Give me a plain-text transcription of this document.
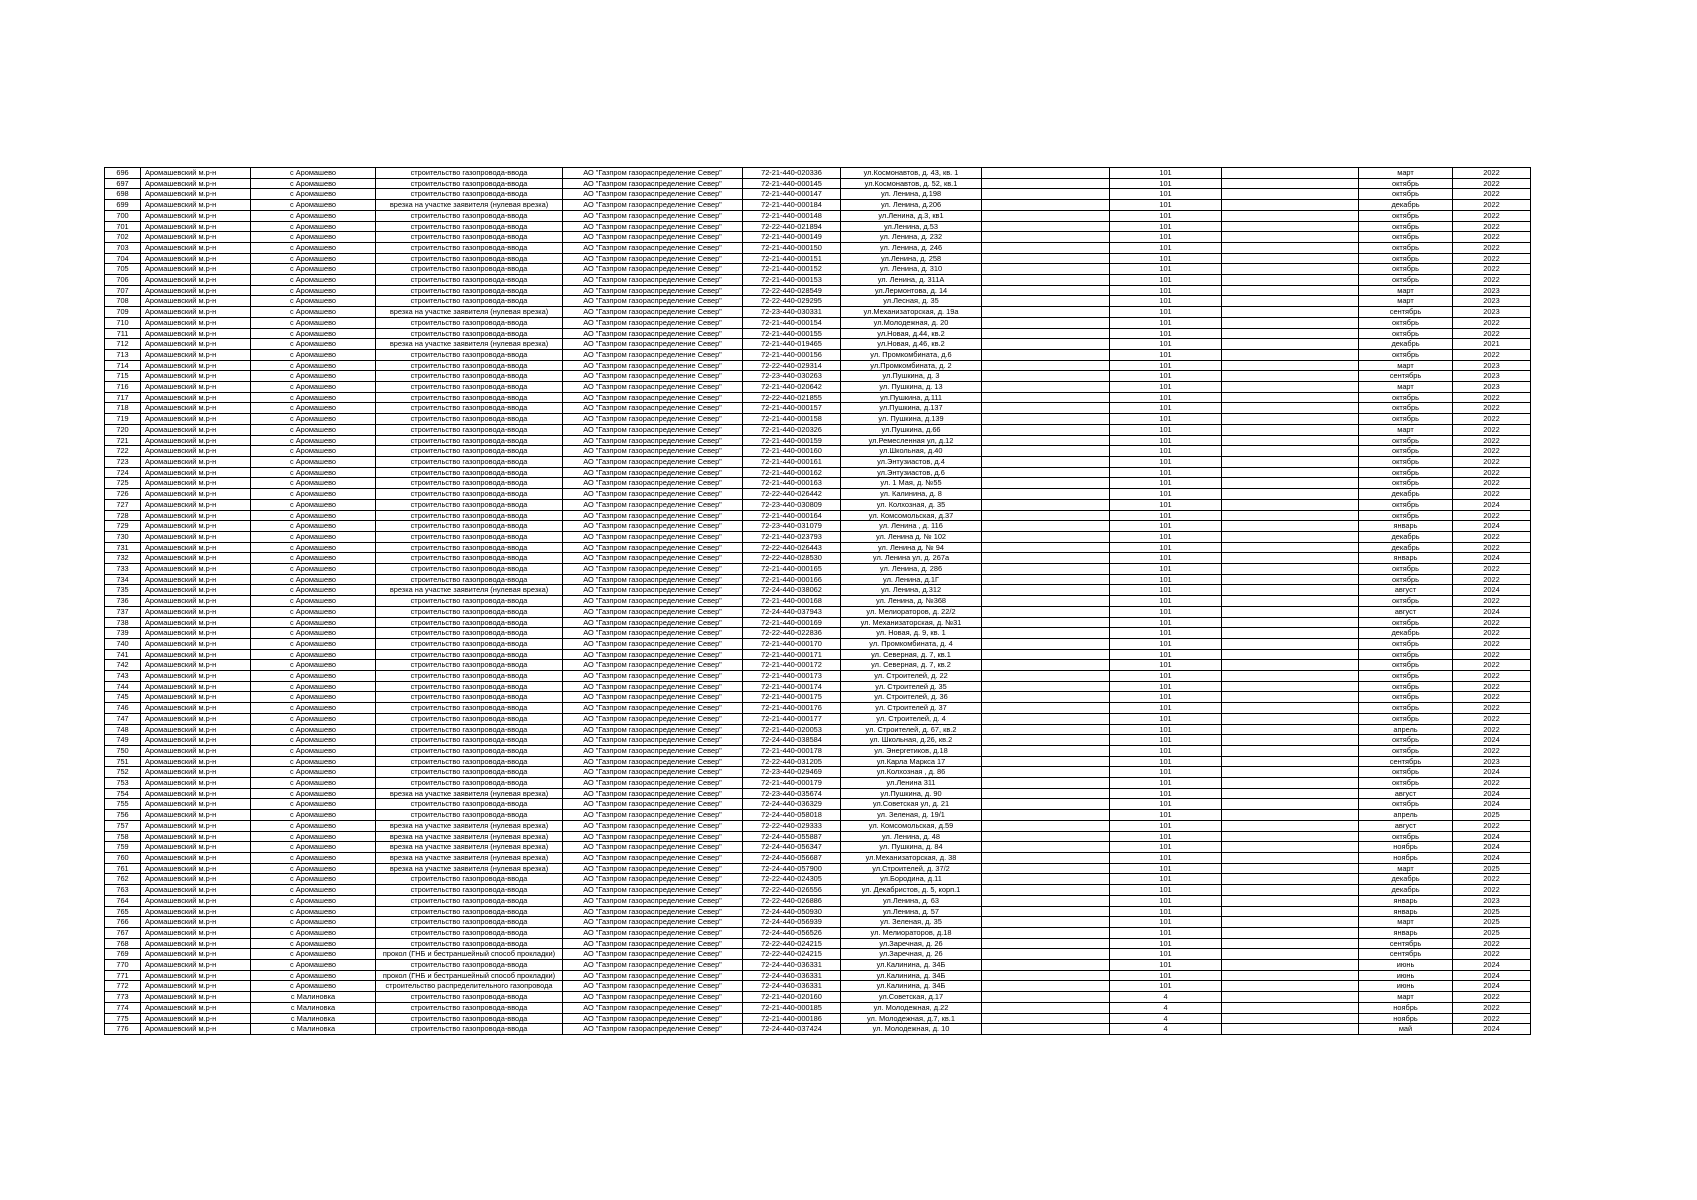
696	Аромашевский м.р-н	с Аромашево	строительство газопровода-ввода	АО "Газпром газораспределение Север"	72-21-440-020336	ул.Космонавтов, д. 43, кв. 1		101		март	2022
697	Аромашевский м.р-н	с Аромашево	строительство газопровода-ввода	АО "Газпром газораспределение Север"	72-21-440-000145	ул.Космонавтов, д. 52, кв.1		101		октябрь	2022
698	Аромашевский м.р-н	с Аромашево	строительство газопровода-ввода	АО "Газпром газораспределение Север"	72-21-440-000147	ул. Ленина, д.198		101		октябрь	2022
699	Аромашевский м.р-н	с Аромашево	врезка на участке заявителя (нулевая врезка)	АО "Газпром газораспределение Север"	72-21-440-000184	ул. Ленина, д.206		101		декабрь	2022
700	Аромашевский м.р-н	с Аромашево	строительство газопровода-ввода	АО "Газпром газораспределение Север"	72-21-440-000148	ул.Ленина, д.3, кв1		101		октябрь	2022
701	Аромашевский м.р-н	с Аромашево	строительство газопровода-ввода	АО "Газпром газораспределение Север"	72-22-440-021894	ул.Ленина, д.53		101		октябрь	2022
702	Аромашевский м.р-н	с Аромашево	строительство газопровода-ввода	АО "Газпром газораспределение Север"	72-21-440-000149	ул. Ленина, д. 232		101		октябрь	2022
703	Аромашевский м.р-н	с Аромашево	строительство газопровода-ввода	АО "Газпром газораспределение Север"	72-21-440-000150	ул. Ленина, д. 246		101		октябрь	2022
704	Аромашевский м.р-н	с Аромашево	строительство газопровода-ввода	АО "Газпром газораспределение Север"	72-21-440-000151	ул.Ленина, д. 258		101		октябрь	2022
705	Аромашевский м.р-н	с Аромашево	строительство газопровода-ввода	АО "Газпром газораспределение Север"	72-21-440-000152	ул. Ленина, д. 310		101		октябрь	2022
706	Аромашевский м.р-н	с Аромашево	строительство газопровода-ввода	АО "Газпром газораспределение Север"	72-21-440-000153	ул. Ленина, д. 311А		101		октябрь	2022
707	Аромашевский м.р-н	с Аромашево	строительство газопровода-ввода	АО "Газпром газораспределение Север"	72-22-440-028549	ул.Лермонтова, д. 14		101		март	2023
708	Аромашевский м.р-н	с Аромашево	строительство газопровода-ввода	АО "Газпром газораспределение Север"	72-22-440-029295	ул.Лесная, д. 35		101		март	2023
709	Аромашевский м.р-н	с Аромашево	врезка на участке заявителя (нулевая врезка)	АО "Газпром газораспределение Север"	72-23-440-030331	ул.Механизаторская, д. 19а		101		сентябрь	2023
710	Аромашевский м.р-н	с Аромашево	строительство газопровода-ввода	АО "Газпром газораспределение Север"	72-21-440-000154	ул.Молодежная, д. 20		101		октябрь	2022
711	Аромашевский м.р-н	с Аромашево	строительство газопровода-ввода	АО "Газпром газораспределение Север"	72-21-440-000155	ул.Новая, д.44, кв.2		101		октябрь	2022
712	Аромашевский м.р-н	с Аромашево	врезка на участке заявителя (нулевая врезка)	АО "Газпром газораспределение Север"	72-21-440-019465	ул.Новая, д.46, кв.2		101		декабрь	2021
713	Аромашевский м.р-н	с Аромашево	строительство газопровода-ввода	АО "Газпром газораспределение Север"	72-21-440-000156	ул. Промкомбината, д.6		101		октябрь	2022
714	Аромашевский м.р-н	с Аромашево	строительство газопровода-ввода	АО "Газпром газораспределение Север"	72-22-440-029314	ул.Промкомбината, д. 2		101		март	2023
715	Аромашевский м.р-н	с Аромашево	строительство газопровода-ввода	АО "Газпром газораспределение Север"	72-23-440-030263	ул.Пушкина, д. 3		101		сентябрь	2023
716	Аромашевский м.р-н	с Аромашево	строительство газопровода-ввода	АО "Газпром газораспределение Север"	72-21-440-020642	ул. Пушкина, д. 13		101		март	2023
717	Аромашевский м.р-н	с Аромашево	строительство газопровода-ввода	АО "Газпром газораспределение Север"	72-22-440-021855	ул.Пушкина, д.111		101		октябрь	2022
718	Аромашевский м.р-н	с Аромашево	строительство газопровода-ввода	АО "Газпром газораспределение Север"	72-21-440-000157	ул.Пушкина, д.137		101		октябрь	2022
719	Аромашевский м.р-н	с Аромашево	строительство газопровода-ввода	АО "Газпром газораспределение Север"	72-21-440-000158	ул. Пушкина, д.139		101		октябрь	2022
720	Аромашевский м.р-н	с Аромашево	строительство газопровода-ввода	АО "Газпром газораспределение Север"	72-21-440-020326	ул.Пушкина, д.66		101		март	2022
721	Аромашевский м.р-н	с Аромашево	строительство газопровода-ввода	АО "Газпром газораспределение Север"	72-21-440-000159	ул.Ремесленная ул, д.12		101		октябрь	2022
722	Аромашевский м.р-н	с Аромашево	строительство газопровода-ввода	АО "Газпром газораспределение Север"	72-21-440-000160	ул.Школьная, д.40		101		октябрь	2022
723	Аромашевский м.р-н	с Аромашево	строительство газопровода-ввода	АО "Газпром газораспределение Север"	72-21-440-000161	ул.Энтузиастов, д.4		101		октябрь	2022
724	Аромашевский м.р-н	с Аромашево	строительство газопровода-ввода	АО "Газпром газораспределение Север"	72-21-440-000162	ул.Энтузиастов, д.6		101		октябрь	2022
725	Аромашевский м.р-н	с Аромашево	строительство газопровода-ввода	АО "Газпром газораспределение Север"	72-21-440-000163	ул. 1 Мая, д. №55		101		октябрь	2022
726	Аромашевский м.р-н	с Аромашево	строительство газопровода-ввода	АО "Газпром газораспределение Север"	72-22-440-026442	ул. Калинина, д. 8		101		декабрь	2022
727	Аромашевский м.р-н	с Аромашево	строительство газопровода-ввода	АО "Газпром газораспределение Север"	72-23-440-030809	ул. Колхозная, д. 35		101		октябрь	2024
728	Аромашевский м.р-н	с Аромашево	строительство газопровода-ввода	АО "Газпром газораспределение Север"	72-21-440-000164	ул. Комсомольская, д.37		101		октябрь	2022
729	Аромашевский м.р-н	с Аромашево	строительство газопровода-ввода	АО "Газпром газораспределение Север"	72-23-440-031079	ул. Ленина , д. 116		101		январь	2024
730	Аромашевский м.р-н	с Аромашево	строительство газопровода-ввода	АО "Газпром газораспределение Север"	72-21-440-023793	ул. Ленина д. № 102		101		декабрь	2022
731	Аромашевский м.р-н	с Аромашево	строительство газопровода-ввода	АО "Газпром газораспределение Север"	72-22-440-026443	ул. Ленина д. № 94		101		декабрь	2022
732	Аромашевский м.р-н	с Аромашево	строительство газопровода-ввода	АО "Газпром газораспределение Север"	72-22-440-028530	ул. Ленина ул, д. 267а		101		январь	2024
733	Аромашевский м.р-н	с Аромашево	строительство газопровода-ввода	АО "Газпром газораспределение Север"	72-21-440-000165	ул. Ленина, д. 286		101		октябрь	2022
734	Аромашевский м.р-н	с Аромашево	строительство газопровода-ввода	АО "Газпром газораспределение Север"	72-21-440-000166	ул. Ленина, д.1Г		101		октябрь	2022
735	Аромашевский м.р-н	с Аромашево	врезка на участке заявителя (нулевая врезка)	АО "Газпром газораспределение Север"	72-24-440-038062	ул. Ленина, д.312		101		август	2024
736	Аромашевский м.р-н	с Аромашево	строительство газопровода-ввода	АО "Газпром газораспределение Север"	72-21-440-000168	ул. Ленина, д. №368		101		октябрь	2022
737	Аромашевский м.р-н	с Аромашево	строительство газопровода-ввода	АО "Газпром газораспределение Север"	72-24-440-037943	ул. Мелиораторов, д. 22/2		101		август	2024
738	Аромашевский м.р-н	с Аромашево	строительство газопровода-ввода	АО "Газпром газораспределение Север"	72-21-440-000169	ул. Механизаторская, д. №31		101		октябрь	2022
739	Аромашевский м.р-н	с Аромашево	строительство газопровода-ввода	АО "Газпром газораспределение Север"	72-22-440-022836	ул. Новая, д. 9, кв. 1		101		декабрь	2022
740	Аромашевский м.р-н	с Аромашево	строительство газопровода-ввода	АО "Газпром газораспределение Север"	72-21-440-000170	ул. Промкомбината, д. 4		101		октябрь	2022
741	Аромашевский м.р-н	с Аромашево	строительство газопровода-ввода	АО "Газпром газораспределение Север"	72-21-440-000171	ул. Северная, д. 7, кв.1		101		октябрь	2022
742	Аромашевский м.р-н	с Аромашево	строительство газопровода-ввода	АО "Газпром газораспределение Север"	72-21-440-000172	ул. Северная, д. 7, кв.2		101		октябрь	2022
743	Аромашевский м.р-н	с Аромашево	строительство газопровода-ввода	АО "Газпром газораспределение Север"	72-21-440-000173	ул. Строителей, д. 22		101		октябрь	2022
744	Аромашевский м.р-н	с Аромашево	строительство газопровода-ввода	АО "Газпром газораспределение Север"	72-21-440-000174	ул. Строителей д. 35		101		октябрь	2022
745	Аромашевский м.р-н	с Аромашево	строительство газопровода-ввода	АО "Газпром газораспределение Север"	72-21-440-000175	ул. Строителей, д. 36		101		октябрь	2022
746	Аромашевский м.р-н	с Аромашево	строительство газопровода-ввода	АО "Газпром газораспределение Север"	72-21-440-000176	ул. Строителей д. 37		101		октябрь	2022
747	Аромашевский м.р-н	с Аромашево	строительство газопровода-ввода	АО "Газпром газораспределение Север"	72-21-440-000177	ул. Строителей, д. 4		101		октябрь	2022
748	Аромашевский м.р-н	с Аромашево	строительство газопровода-ввода	АО "Газпром газораспределение Север"	72-21-440-020053	ул. Строителей, д. 67, кв.2		101		апрель	2022
749	Аромашевский м.р-н	с Аромашево	строительство газопровода-ввода	АО "Газпром газораспределение Север"	72-24-440-038584	ул. Школьная, д.26, кв.2		101		октябрь	2024
750	Аромашевский м.р-н	с Аромашево	строительство газопровода-ввода	АО "Газпром газораспределение Север"	72-21-440-000178	ул. Энергетиков, д.18		101		октябрь	2022
751	Аромашевский м.р-н	с Аромашево	строительство газопровода-ввода	АО "Газпром газораспределение Север"	72-22-440-031205	ул.Карла Маркса 17		101		сентябрь	2023
752	Аромашевский м.р-н	с Аромашево	строительство газопровода-ввода	АО "Газпром газораспределение Север"	72-23-440-029469	ул.Колхозная , д. 86		101		октябрь	2024
753	Аромашевский м.р-н	с Аромашево	строительство газопровода-ввода	АО "Газпром газораспределение Север"	72-21-440-000179	ул.Ленина 311		101		октябрь	2022
754	Аромашевский м.р-н	с Аромашево	врезка на участке заявителя (нулевая врезка)	АО "Газпром газораспределение Север"	72-23-440-035674	ул.Пушкина, д. 90		101		август	2024
755	Аромашевский м.р-н	с Аромашево	строительство газопровода-ввода	АО "Газпром газораспределение Север"	72-24-440-036329	ул.Советская ул, д. 21		101		октябрь	2024
756	Аромашевский м.р-н	с Аромашево	строительство газопровода-ввода	АО "Газпром газораспределение Север"	72-24-440-058018	ул. Зеленая, д. 19/1		101		апрель	2025
757	Аромашевский м.р-н	с Аромашево	врезка на участке заявителя (нулевая врезка)	АО "Газпром газораспределение Север"	72-22-440-029333	ул. Комсомольская, д.59		101		август	2022
758	Аромашевский м.р-н	с Аромашево	врезка на участке заявителя (нулевая врезка)	АО "Газпром газораспределение Север"	72-24-440-055887	ул. Ленина, д. 48		101		октябрь	2024
759	Аромашевский м.р-н	с Аромашево	врезка на участке заявителя (нулевая врезка)	АО "Газпром газораспределение Север"	72-24-440-056347	ул. Пушкина, д. 84		101		ноябрь	2024
760	Аромашевский м.р-н	с Аромашево	врезка на участке заявителя (нулевая врезка)	АО "Газпром газораспределение Север"	72-24-440-056687	ул.Механизаторская, д. 38		101		ноябрь	2024
761	Аромашевский м.р-н	с Аромашево	врезка на участке заявителя (нулевая врезка)	АО "Газпром газораспределение Север"	72-24-440-057900	ул.Строителей, д. 37/2		101		март	2025
762	Аромашевский м.р-н	с Аромашево	строительство газопровода-ввода	АО "Газпром газораспределение Север"	72-22-440-024305	ул.Бородина, д.11		101		декабрь	2022
763	Аромашевский м.р-н	с Аромашево	строительство газопровода-ввода	АО "Газпром газораспределение Север"	72-22-440-026556	ул. Декабристов, д. 5, корп.1		101		декабрь	2022
764	Аромашевский м.р-н	с Аромашево	строительство газопровода-ввода	АО "Газпром газораспределение Север"	72-22-440-026886	ул.Ленина, д. 63		101		январь	2023
765	Аромашевский м.р-н	с Аромашево	строительство газопровода-ввода	АО "Газпром газораспределение Север"	72-24-440-050930	ул.Ленина, д. 57		101		январь	2025
766	Аромашевский м.р-н	с Аромашево	строительство газопровода-ввода	АО "Газпром газораспределение Север"	72-24-440-056939	ул. Зеленая, д. 35		101		март	2025
767	Аромашевский м.р-н	с Аромашево	строительство газопровода-ввода	АО "Газпром газораспределение Север"	72-24-440-056526	ул. Мелиораторов, д.18		101		январь	2025
768	Аромашевский м.р-н	с Аромашево	строительство газопровода-ввода	АО "Газпром газораспределение Север"	72-22-440-024215	ул.Заречная, д. 26		101		сентябрь	2022
769	Аромашевский м.р-н	с Аромашево	прокол (ГНБ и бестраншейный способ прокладки)	АО "Газпром газораспределение Север"	72-22-440-024215	ул.Заречная, д. 26		101		сентябрь	2022
770	Аромашевский м.р-н	с Аромашево	строительство газопровода-ввода	АО "Газпром газораспределение Север"	72-24-440-036331	ул.Калинина, д. 34Б		101		июнь	2024
771	Аромашевский м.р-н	с Аромашево	прокол (ГНБ и бестраншейный способ прокладки)	АО "Газпром газораспределение Север"	72-24-440-036331	ул.Калинина, д. 34Б		101		июнь	2024
772	Аромашевский м.р-н	с Аромашево	строительство распределительного газопровода	АО "Газпром газораспределение Север"	72-24-440-036331	ул.Калинина, д. 34Б		101		июнь	2024
773	Аромашевский м.р-н	с Малиновка	строительство газопровода-ввода	АО "Газпром газораспределение Север"	72-21-440-020160	ул.Советская, д.17		4		март	2022
774	Аромашевский м.р-н	с Малиновка	строительство газопровода-ввода	АО "Газпром газораспределение Север"	72-21-440-000185	ул. Молодежная, д.22		4		ноябрь	2022
775	Аромашевский м.р-н	с Малиновка	строительство газопровода-ввода	АО "Газпром газораспределение Север"	72-21-440-000186	ул. Молодежная, д.7, кв.1		4		ноябрь	2022
776	Аромашевский м.р-н	с Малиновка	строительство газопровода-ввода	АО "Газпром газораспределение Север"	72-24-440-037424	ул. Молодежная, д. 10		4		май	2024
